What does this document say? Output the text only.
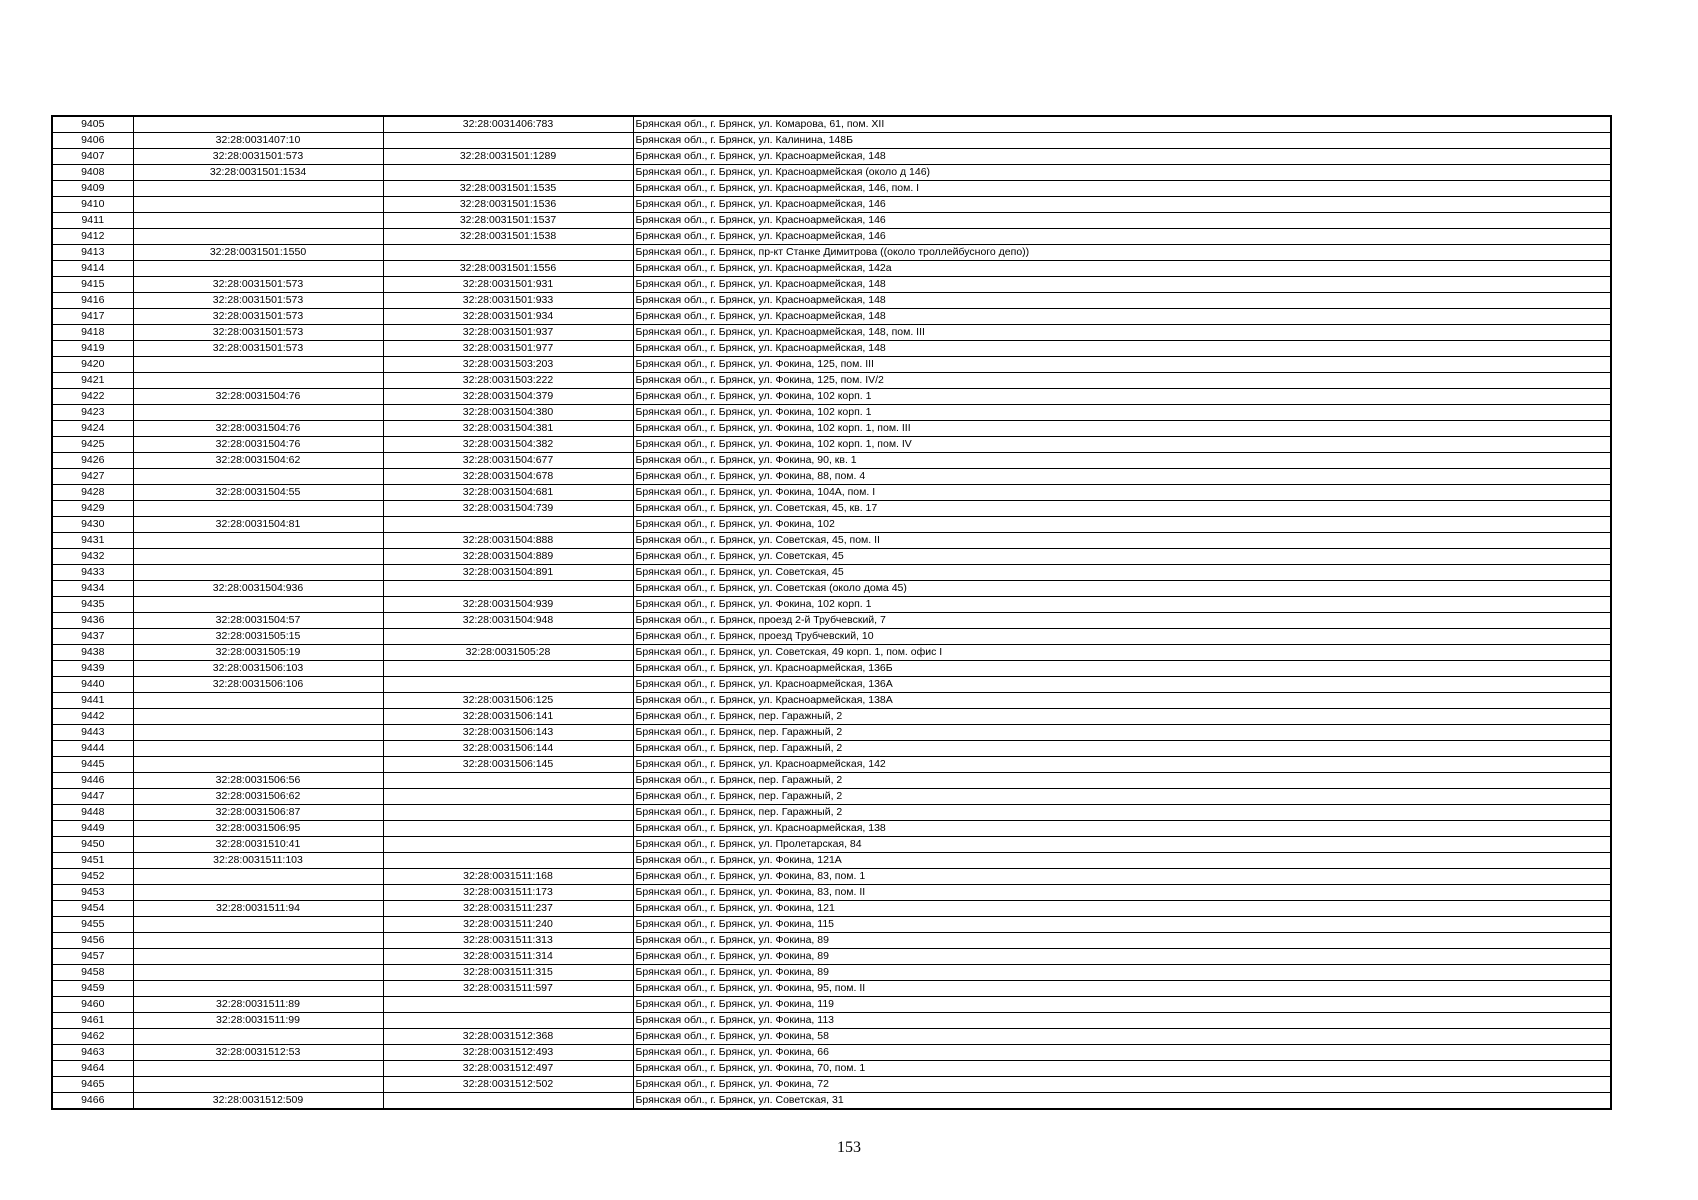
9405		32:28:0031406:783	Брянская обл., г. Брянск, ул. Комарова, 61, пом. XII
9406	32:28:0031407:10		Брянская обл., г. Брянск, ул. Калинина, 148Б
9407	32:28:0031501:573	32:28:0031501:1289	Брянская обл., г. Брянск, ул. Красноармейская, 148
9408	32:28:0031501:1534		Брянская обл., г. Брянск, ул. Красноармейская (около д 146)
9409		32:28:0031501:1535	Брянская обл., г. Брянск, ул. Красноармейская, 146, пом. I
9410		32:28:0031501:1536	Брянская обл., г. Брянск, ул. Красноармейская, 146
9411		32:28:0031501:1537	Брянская обл., г. Брянск, ул. Красноармейская, 146
9412		32:28:0031501:1538	Брянская обл., г. Брянск, ул. Красноармейская, 146
9413	32:28:0031501:1550		Брянская обл., г. Брянск, пр-кт Станке Димитрова ((около троллейбусного депо))
9414		32:28:0031501:1556	Брянская обл., г. Брянск, ул. Красноармейская, 142а
9415	32:28:0031501:573	32:28:0031501:931	Брянская обл., г. Брянск, ул. Красноармейская, 148
9416	32:28:0031501:573	32:28:0031501:933	Брянская обл., г. Брянск, ул. Красноармейская, 148
9417	32:28:0031501:573	32:28:0031501:934	Брянская обл., г. Брянск, ул. Красноармейская, 148
9418	32:28:0031501:573	32:28:0031501:937	Брянская обл., г. Брянск, ул. Красноармейская, 148, пом. III
9419	32:28:0031501:573	32:28:0031501:977	Брянская обл., г. Брянск, ул. Красноармейская, 148
9420		32:28:0031503:203	Брянская обл., г. Брянск, ул. Фокина, 125, пом. III
9421		32:28:0031503:222	Брянская обл., г. Брянск, ул. Фокина, 125, пом. IV/2
9422	32:28:0031504:76	32:28:0031504:379	Брянская обл., г. Брянск, ул. Фокина, 102 корп. 1
9423		32:28:0031504:380	Брянская обл., г. Брянск, ул. Фокина, 102 корп. 1
9424	32:28:0031504:76	32:28:0031504:381	Брянская обл., г. Брянск, ул. Фокина, 102 корп. 1, пом. III
9425	32:28:0031504:76	32:28:0031504:382	Брянская обл., г. Брянск, ул. Фокина, 102 корп. 1, пом. IV
9426	32:28:0031504:62	32:28:0031504:677	Брянская обл., г. Брянск, ул. Фокина, 90, кв. 1
9427		32:28:0031504:678	Брянская обл., г. Брянск, ул. Фокина, 88, пом. 4
9428	32:28:0031504:55	32:28:0031504:681	Брянская обл., г. Брянск, ул. Фокина, 104А, пом. I
9429		32:28:0031504:739	Брянская обл., г. Брянск, ул. Советская, 45, кв. 17
9430	32:28:0031504:81		Брянская обл., г. Брянск, ул. Фокина, 102
9431		32:28:0031504:888	Брянская обл., г. Брянск, ул. Советская, 45, пом. II
9432		32:28:0031504:889	Брянская обл., г. Брянск, ул. Советская, 45
9433		32:28:0031504:891	Брянская обл., г. Брянск, ул. Советская, 45
9434	32:28:0031504:936		Брянская обл., г. Брянск, ул. Советская (около дома 45)
9435		32:28:0031504:939	Брянская обл., г. Брянск, ул. Фокина, 102 корп. 1
9436	32:28:0031504:57	32:28:0031504:948	Брянская обл., г. Брянск, проезд 2-й Трубчевский, 7
9437	32:28:0031505:15		Брянская обл., г. Брянск, проезд Трубчевский, 10
9438	32:28:0031505:19	32:28:0031505:28	Брянская обл., г. Брянск, ул. Советская, 49 корп. 1, пом. офис I
9439	32:28:0031506:103		Брянская обл., г. Брянск, ул. Красноармейская, 136Б
9440	32:28:0031506:106		Брянская обл., г. Брянск, ул. Красноармейская, 136А
9441		32:28:0031506:125	Брянская обл., г. Брянск, ул. Красноармейская, 138А
9442		32:28:0031506:141	Брянская обл., г. Брянск, пер. Гаражный, 2
9443		32:28:0031506:143	Брянская обл., г. Брянск, пер. Гаражный, 2
9444		32:28:0031506:144	Брянская обл., г. Брянск, пер. Гаражный, 2
9445		32:28:0031506:145	Брянская обл., г. Брянск, ул. Красноармейская, 142
9446	32:28:0031506:56		Брянская обл., г. Брянск, пер. Гаражный, 2
9447	32:28:0031506:62		Брянская обл., г. Брянск, пер. Гаражный, 2
9448	32:28:0031506:87		Брянская обл., г. Брянск, пер. Гаражный, 2
9449	32:28:0031506:95		Брянская обл., г. Брянск, ул. Красноармейская, 138
9450	32:28:0031510:41		Брянская обл., г. Брянск, ул. Пролетарская, 84
9451	32:28:0031511:103		Брянская обл., г. Брянск, ул. Фокина, 121А
9452		32:28:0031511:168	Брянская обл., г. Брянск, ул. Фокина, 83, пом. 1
9453		32:28:0031511:173	Брянская обл., г. Брянск, ул. Фокина, 83, пом. II
9454	32:28:0031511:94	32:28:0031511:237	Брянская обл., г. Брянск, ул. Фокина, 121
9455		32:28:0031511:240	Брянская обл., г. Брянск, ул. Фокина, 115
9456		32:28:0031511:313	Брянская обл., г. Брянск, ул. Фокина, 89
9457		32:28:0031511:314	Брянская обл., г. Брянск, ул. Фокина, 89
9458		32:28:0031511:315	Брянская обл., г. Брянск, ул. Фокина, 89
9459		32:28:0031511:597	Брянская обл., г. Брянск, ул. Фокина, 95, пом. II
9460	32:28:0031511:89		Брянская обл., г. Брянск, ул. Фокина, 119
9461	32:28:0031511:99		Брянская обл., г. Брянск, ул. Фокина, 113
9462		32:28:0031512:368	Брянская обл., г. Брянск, ул. Фокина, 58
9463	32:28:0031512:53	32:28:0031512:493	Брянская обл., г. Брянск, ул. Фокина, 66
9464		32:28:0031512:497	Брянская обл., г. Брянск, ул. Фокина, 70, пом. 1
9465		32:28:0031512:502	Брянская обл., г. Брянск, ул. Фокина, 72
9466	32:28:0031512:509		Брянская обл., г. Брянск, ул. Советская, 31
153
